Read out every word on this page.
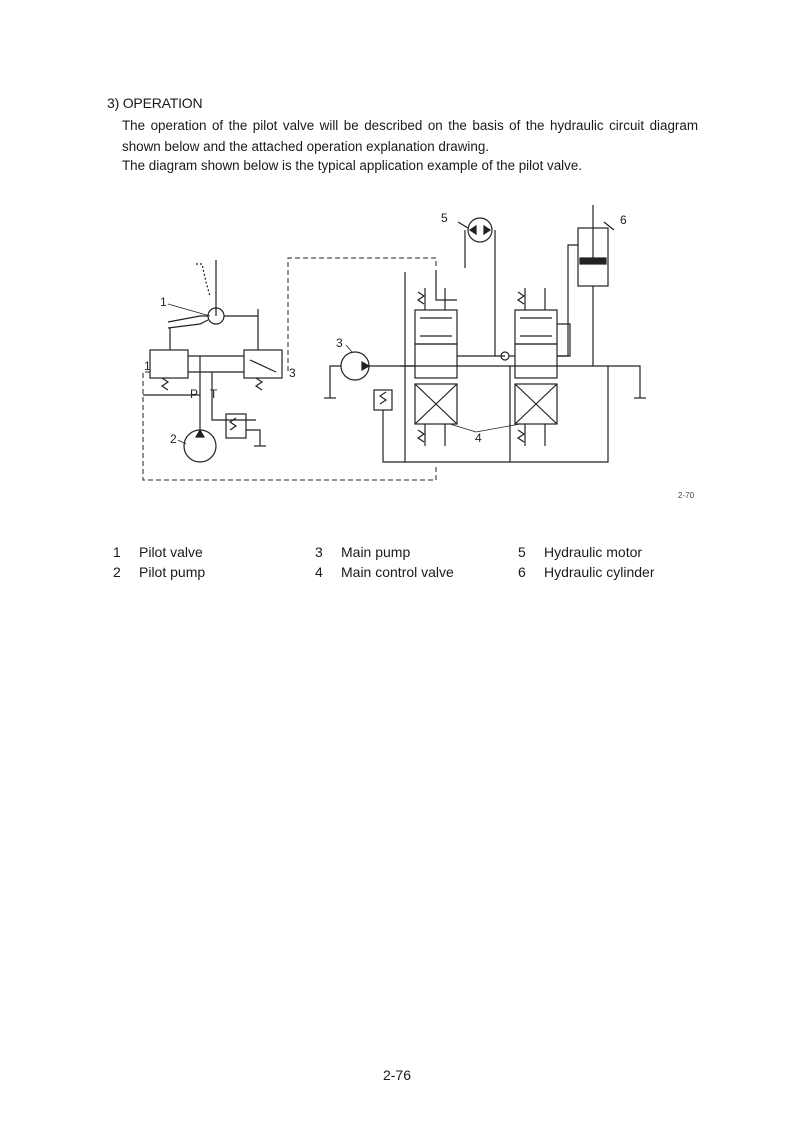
3) OPERATION
The operation of the pilot valve will be described on the basis of the hydraulic circuit diagram shown below and the attached operation explanation drawing.
The diagram shown below is the typical application example of the pilot valve.
1
1
2
3
3
4
5	6
P T
2-70
1	Pilot valve
2	Pilot pump
3	Main pump
4	Main control valve
5	Hydraulic motor
6	Hydraulic cylinder
2-76
